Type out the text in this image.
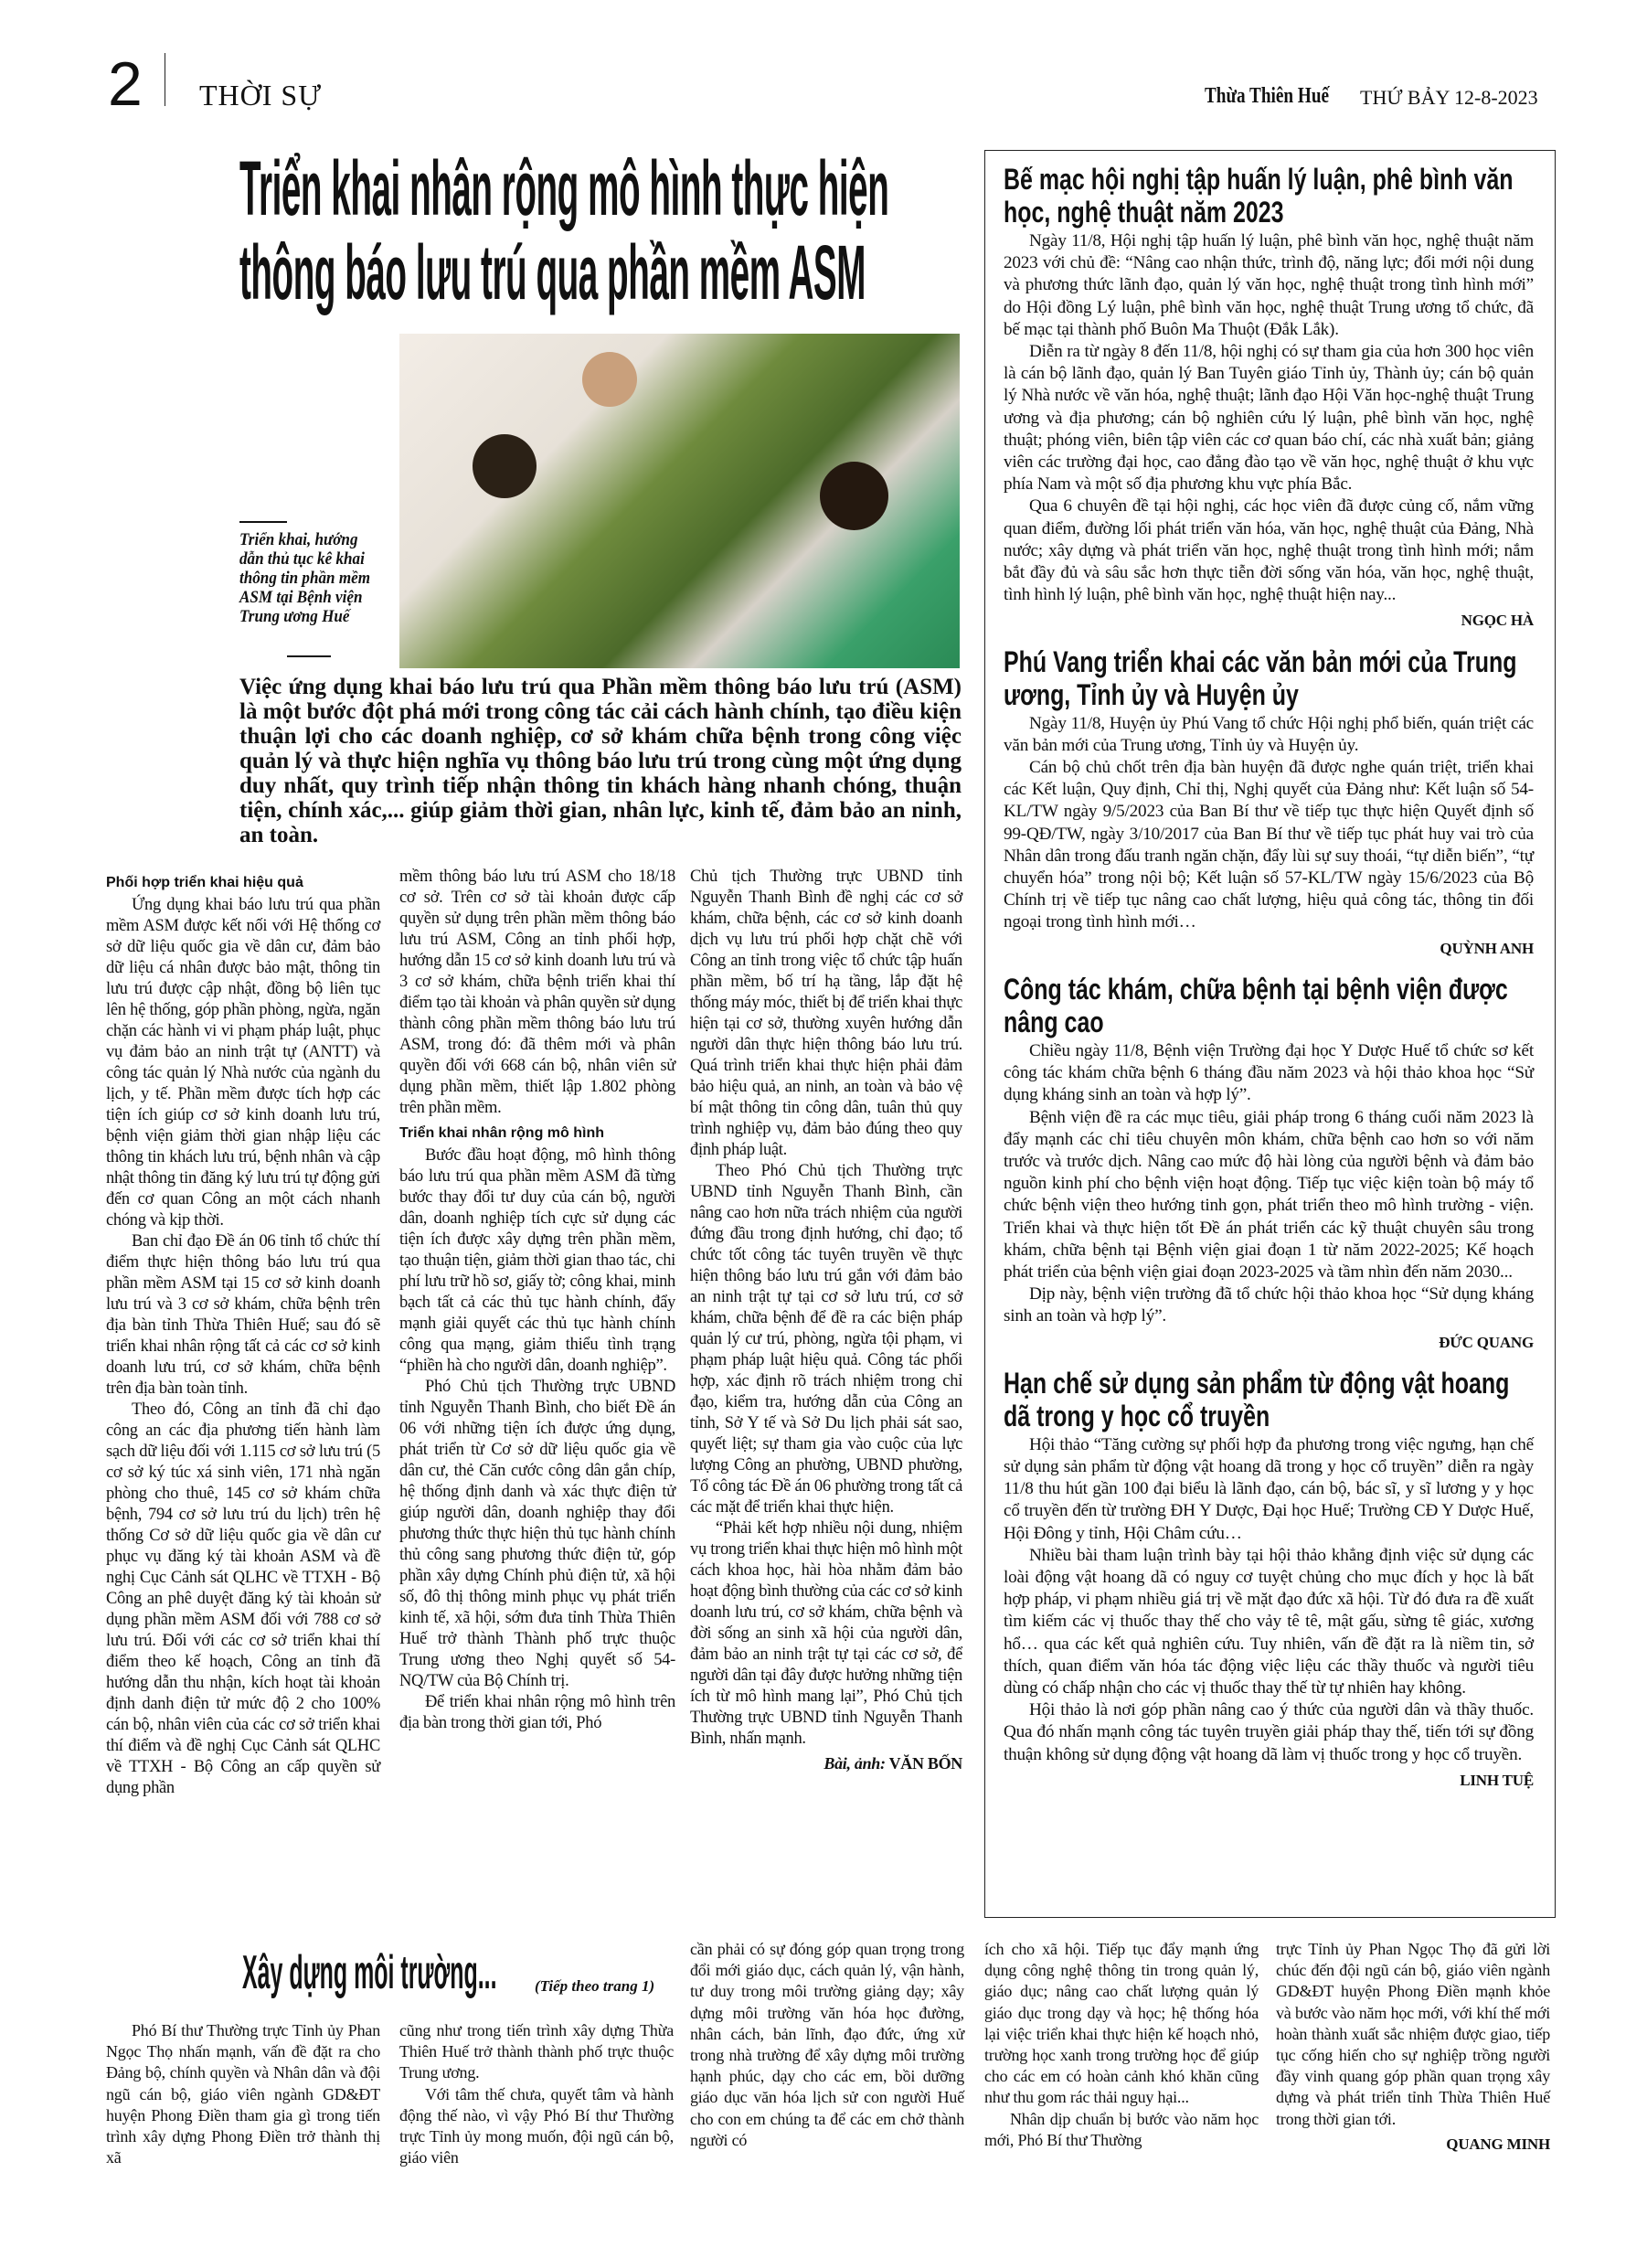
2 THỜI SỰ	Thừa Thiên Huế THỨ BẢY 12-8-2023
Triển khai nhân rộng mô hình thực hiện thông báo lưu trú qua phần mềm ASM
Triển khai, hướng dẫn thủ tục kê khai thông tin phần mềm ASM tại Bệnh viện Trung ương Huế
Việc ứng dụng khai báo lưu trú qua Phần mềm thông báo lưu trú (ASM) là một bước đột phá mới trong công tác cải cách hành chính, tạo điều kiện thuận lợi cho các doanh nghiệp, cơ sở khám chữa bệnh trong công việc quản lý và thực hiện nghĩa vụ thông báo lưu trú trong cùng một ứng dụng duy nhất, quy trình tiếp nhận thông tin khách hàng nhanh chóng, thuận tiện, chính xác,... giúp giảm thời gian, nhân lực, kinh tế, đảm bảo an ninh, an toàn.

Phối hợp triển khai hiệu quả

Ứng dụng khai báo lưu trú qua phần mềm ASM được kết nối với Hệ thống cơ sở dữ liệu quốc gia về dân cư, đảm bảo dữ liệu cá nhân được bảo mật, thông tin lưu trú được cập nhật, đồng bộ liên tục lên hệ thống, góp phần phòng, ngừa, ngăn chặn các hành vi vi phạm pháp luật, phục vụ đảm bảo an ninh trật tự (ANTT) và công tác quản lý Nhà nước của ngành du lịch, y tế. Phần mềm được tích hợp các tiện ích giúp cơ sở kinh doanh lưu trú, bệnh viện giảm thời gian nhập liệu các thông tin khách lưu trú, bệnh nhân và cập nhật thông tin đăng ký lưu trú tự động gửi đến cơ quan Công an một cách nhanh chóng và kịp thời.

Ban chỉ đạo Đề án 06 tỉnh tổ chức thí điểm thực hiện thông báo lưu trú qua phần mềm ASM tại 15 cơ sở kinh doanh lưu trú và 3 cơ sở khám, chữa bệnh trên địa bàn tỉnh Thừa Thiên Huế; sau đó sẽ triển khai nhân rộng tất cả các cơ sở kinh doanh lưu trú, cơ sở khám, chữa bệnh trên địa bàn toàn tỉnh.

Theo đó, Công an tỉnh đã chỉ đạo công an các địa phương tiến hành làm sạch dữ liệu đối với 1.115 cơ sở lưu trú (5 cơ sở ký túc xá sinh viên, 171 nhà ngăn phòng cho thuê, 145 cơ sở khám chữa bệnh, 794 cơ sở lưu trú du lịch) trên hệ thống Cơ sở dữ liệu quốc gia về dân cư phục vụ đăng ký tài khoản ASM và đề nghị Cục Cảnh sát QLHC về TTXH - Bộ Công an phê duyệt đăng ký tài khoản sử dụng phần mềm ASM đối với 788 cơ sở lưu trú. Đối với các cơ sở triển khai thí điểm theo kế hoạch, Công an tỉnh đã hướng dẫn thu nhận, kích hoạt tài khoản định danh điện tử mức độ 2 cho 100% cán bộ, nhân viên của các cơ sở triển khai thí điểm và đề nghị Cục Cảnh sát QLHC về TTXH - Bộ Công an cấp quyền sử dụng phần

mềm thông báo lưu trú ASM cho 18/18 cơ sở. Trên cơ sở tài khoản được cấp quyền sử dụng trên phần mềm thông báo lưu trú ASM, Công an tỉnh phối hợp, hướng dẫn 15 cơ sở kinh doanh lưu trú và 3 cơ sở khám, chữa bệnh triển khai thí điểm tạo tài khoản và phân quyền sử dụng thành công phần mềm thông báo lưu trú ASM, trong đó: đã thêm mới và phân quyền đối với 668 cán bộ, nhân viên sử dụng phần mềm, thiết lập 1.802 phòng trên phần mềm.

Triển khai nhân rộng mô hình

Bước đầu hoạt động, mô hình thông báo lưu trú qua phần mềm ASM đã từng bước thay đổi tư duy của cán bộ, người dân, doanh nghiệp tích cực sử dụng các tiện ích được xây dựng trên phần mềm, tạo thuận tiện, giảm thời gian thao tác, chi phí lưu trữ hồ sơ, giấy tờ; công khai, minh bạch tất cả các thủ tục hành chính, đẩy mạnh giải quyết các thủ tục hành chính công qua mạng, giảm thiểu tình trạng “phiền hà cho người dân, doanh nghiệp”.

Phó Chủ tịch Thường trực UBND tỉnh Nguyễn Thanh Bình, cho biết Đề án 06 với những tiện ích được ứng dụng, phát triển từ Cơ sở dữ liệu quốc gia về dân cư, thẻ Căn cước công dân gắn chíp, hệ thống định danh và xác thực điện tử giúp người dân, doanh nghiệp thay đổi phương thức thực hiện thủ tục hành chính thủ công sang phương thức điện tử, góp phần xây dựng Chính phủ điện tử, xã hội số, đô thị thông minh phục vụ phát triển kinh tế, xã hội, sớm đưa tỉnh Thừa Thiên Huế trở thành Thành phố trực thuộc Trung ương theo Nghị quyết số 54-NQ/TW của Bộ Chính trị.

Để triển khai nhân rộng mô hình trên địa bàn trong thời gian tới, Phó

Chủ tịch Thường trực UBND tỉnh Nguyễn Thanh Bình đề nghị các cơ sở khám, chữa bệnh, các cơ sở kinh doanh dịch vụ lưu trú phối hợp chặt chẽ với Công an tỉnh trong việc tổ chức tập huấn phần mềm, bố trí hạ tầng, lắp đặt hệ thống máy móc, thiết bị để triển khai thực hiện tại cơ sở, thường xuyên hướng dẫn người dân thực hiện thông báo lưu trú. Quá trình triển khai thực hiện phải đảm bảo hiệu quả, an ninh, an toàn và bảo vệ bí mật thông tin công dân, tuân thủ quy trình nghiệp vụ, đảm bảo đúng theo quy định pháp luật.

Theo Phó Chủ tịch Thường trực UBND tỉnh Nguyễn Thanh Bình, cần nâng cao hơn nữa trách nhiệm của người đứng đầu trong định hướng, chỉ đạo; tổ chức tốt công tác tuyên truyền về thực hiện thông báo lưu trú gắn với đảm bảo an ninh trật tự tại cơ sở lưu trú, cơ sở khám, chữa bệnh để đề ra các biện pháp quản lý cư trú, phòng, ngừa tội phạm, vi phạm pháp luật hiệu quả. Công tác phối hợp, xác định rõ trách nhiệm trong chỉ đạo, kiểm tra, hướng dẫn của Công an tỉnh, Sở Y tế và Sở Du lịch phải sát sao, quyết liệt; sự tham gia vào cuộc của lực lượng Công an phường, UBND phường, Tổ công tác Đề án 06 phường trong tất cả các mặt để triển khai thực hiện.

“Phải kết hợp nhiều nội dung, nhiệm vụ trong triển khai thực hiện mô hình một cách khoa học, hài hòa nhằm đảm bảo hoạt động bình thường của các cơ sở kinh doanh lưu trú, cơ sở khám, chữa bệnh và đời sống an sinh xã hội của người dân, đảm bảo an ninh trật tự tại các cơ sở, để người dân tại đây được hưởng những tiện ích từ mô hình mang lại”, Phó Chủ tịch Thường trực UBND tỉnh Nguyễn Thanh Bình, nhấn mạnh.

Bài, ảnh: VĂN BỐN

Bế mạc hội nghị tập huấn lý luận, phê bình văn học, nghệ thuật năm 2023

Ngày 11/8, Hội nghị tập huấn lý luận, phê bình văn học, nghệ thuật năm 2023 với chủ đề: “Nâng cao nhận thức, trình độ, năng lực; đổi mới nội dung và phương thức lãnh đạo, quản lý văn học, nghệ thuật trong tình hình mới” do Hội đồng Lý luận, phê bình văn học, nghệ thuật Trung ương tổ chức, đã bế mạc tại thành phố Buôn Ma Thuột (Đắk Lắk).

Diễn ra từ ngày 8 đến 11/8, hội nghị có sự tham gia của hơn 300 học viên là cán bộ lãnh đạo, quản lý Ban Tuyên giáo Tỉnh ủy, Thành ủy; cán bộ quản lý Nhà nước về văn hóa, nghệ thuật; lãnh đạo Hội Văn học-nghệ thuật Trung ương và địa phương; cán bộ nghiên cứu lý luận, phê bình văn học, nghệ thuật; phóng viên, biên tập viên các cơ quan báo chí, các nhà xuất bản; giảng viên các trường đại học, cao đẳng đào tạo về văn học, nghệ thuật ở khu vực phía Nam và một số địa phương khu vực phía Bắc.

Qua 6 chuyên đề tại hội nghị, các học viên đã được củng cố, nắm vững quan điểm, đường lối phát triển văn hóa, văn học, nghệ thuật của Đảng, Nhà nước; xây dựng và phát triển văn học, nghệ thuật trong tình hình mới; nắm bắt đầy đủ và sâu sắc hơn thực tiễn đời sống văn hóa, văn học, nghệ thuật, tình hình lý luận, phê bình văn học, nghệ thuật hiện nay...

NGỌC HÀ
Phú Vang triển khai các văn bản mới của Trung ương, Tỉnh ủy và Huyện ủy

Ngày 11/8, Huyện ủy Phú Vang tổ chức Hội nghị phổ biến, quán triệt các văn bản mới của Trung ương, Tỉnh ủy và Huyện ủy.

Cán bộ chủ chốt trên địa bàn huyện đã được nghe quán triệt, triển khai các Kết luận, Quy định, Chỉ thị, Nghị quyết của Đảng như: Kết luận số 54-KL/TW ngày 9/5/2023 của Ban Bí thư về tiếp tục thực hiện Quyết định số 99-QĐ/TW, ngày 3/10/2017 của Ban Bí thư về tiếp tục phát huy vai trò của Nhân dân trong đấu tranh ngăn chặn, đẩy lùi sự suy thoái, “tự diễn biến”, “tự chuyển hóa” trong nội bộ; Kết luận số 57-KL/TW ngày 15/6/2023 của Bộ Chính trị về tiếp tục nâng cao chất lượng, hiệu quả công tác, thông tin đối ngoại trong tình hình mới…

QUỲNH ANH
Công tác khám, chữa bệnh tại bệnh viện được nâng cao

Chiều ngày 11/8, Bệnh viện Trường đại học Y Dược Huế tổ chức sơ kết công tác khám chữa bệnh 6 tháng đầu năm 2023 và hội thảo khoa học “Sử dụng kháng sinh an toàn và hợp lý”.

Bệnh viện đề ra các mục tiêu, giải pháp trong 6 tháng cuối năm 2023 là đẩy mạnh các chỉ tiêu chuyên môn khám, chữa bệnh cao hơn so với năm trước và trước dịch. Nâng cao mức độ hài lòng của người bệnh và đảm bảo nguồn kinh phí cho bệnh viện hoạt động. Tiếp tục việc kiện toàn bộ máy tổ chức bệnh viện theo hướng tinh gọn, phát triển theo mô hình trường - viện. Triển khai và thực hiện tốt Đề án phát triển các kỹ thuật chuyên sâu trong khám, chữa bệnh tại Bệnh viện giai đoạn 1 từ năm 2022-2025; Kế hoạch phát triển của bệnh viện giai đoạn 2023-2025 và tầm nhìn đến năm 2030...

Dịp này, bệnh viện trường đã tổ chức hội thảo khoa học “Sử dụng kháng sinh an toàn và hợp lý”.

ĐỨC QUANG
Hạn chế sử dụng sản phẩm từ động vật hoang dã trong y học cổ truyền

Hội thảo “Tăng cường sự phối hợp đa phương trong việc ngưng, hạn chế sử dụng sản phẩm từ động vật hoang dã trong y học cổ truyền” diễn ra ngày 11/8 thu hút gần 100 đại biểu là lãnh đạo, cán bộ, bác sĩ, y sĩ lương y y học cổ truyền đến từ trường ĐH Y Dược, Đại học Huế; Trường CĐ Y Dược Huế, Hội Đông y tỉnh, Hội Châm cứu…

Nhiều bài tham luận trình bày tại hội thảo khẳng định việc sử dụng các loài động vật hoang dã có nguy cơ tuyệt chủng cho mục đích y học là bất hợp pháp, vi phạm nhiều giá trị về mặt đạo đức xã hội. Từ đó đưa ra đề xuất tìm kiếm các vị thuốc thay thế cho vảy tê tê, mật gấu, sừng tê giác, xương hổ… qua các kết quả nghiên cứu. Tuy nhiên, vấn đề đặt ra là niềm tin, sở thích, quan điểm văn hóa tác động việc liệu các thầy thuốc và người tiêu dùng có chấp nhận cho các vị thuốc thay thế từ tự nhiên hay không.

Hội thảo là nơi góp phần nâng cao ý thức của người dân và thầy thuốc. Qua đó nhấn mạnh công tác tuyên truyền giải pháp thay thế, tiến tới sự đồng thuận không sử dụng động vật hoang dã làm vị thuốc trong y học cổ truyền.

LINH TUỆ
Xây dựng môi trường... (Tiếp theo trang 1)

Phó Bí thư Thường trực Tỉnh ủy Phan Ngọc Thọ nhấn mạnh, vấn đề đặt ra cho Đảng bộ, chính quyền và Nhân dân và đội ngũ cán bộ, giáo viên ngành GD&ĐT huyện Phong Điền tham gia gì trong tiến trình xây dựng Phong Điền trở thành thị xã

cũng như trong tiến trình xây dựng Thừa Thiên Huế trở thành thành phố trực thuộc Trung ương.

Với tâm thế chưa, quyết tâm và hành động thế nào, vì vậy Phó Bí thư Thường trực Tỉnh ủy mong muốn, đội ngũ cán bộ, giáo viên

cần phải có sự đóng góp quan trọng trong đổi mới giáo dục, cách quản lý, vận hành, tư duy trong môi trường giảng dạy; xây dựng môi trường văn hóa học đường, nhân cách, bản lĩnh, đạo đức, ứng xử trong nhà trường để xây dựng môi trường hạnh phúc, dạy cho các em, bồi dưỡng giáo dục văn hóa lịch sử con người Huế cho con em chúng ta để các em chở thành người có

ích cho xã hội. Tiếp tục đẩy mạnh ứng dụng công nghệ thông tin trong quản lý, giáo dục; nâng cao chất lượng quản lý giáo dục trong dạy và học; hệ thống hóa lại việc triển khai thực hiện kế hoạch nhỏ, trường học xanh trong trường học để giúp cho các em có hoàn cảnh khó khăn cũng như thu gom rác thải nguy hại...

Nhân dịp chuẩn bị bước vào năm học mới, Phó Bí thư Thường

trực Tỉnh ủy Phan Ngọc Thọ đã gửi lời chúc đến đội ngũ cán bộ, giáo viên ngành GD&ĐT huyện Phong Điền mạnh khỏe và bước vào năm học mới, với khí thế mới hoàn thành xuất sắc nhiệm được giao, tiếp tục cống hiến cho sự nghiệp trồng người đầy vinh quang góp phần quan trọng xây dựng và phát triển tỉnh Thừa Thiên Huế trong thời gian tới.

QUANG MINH
